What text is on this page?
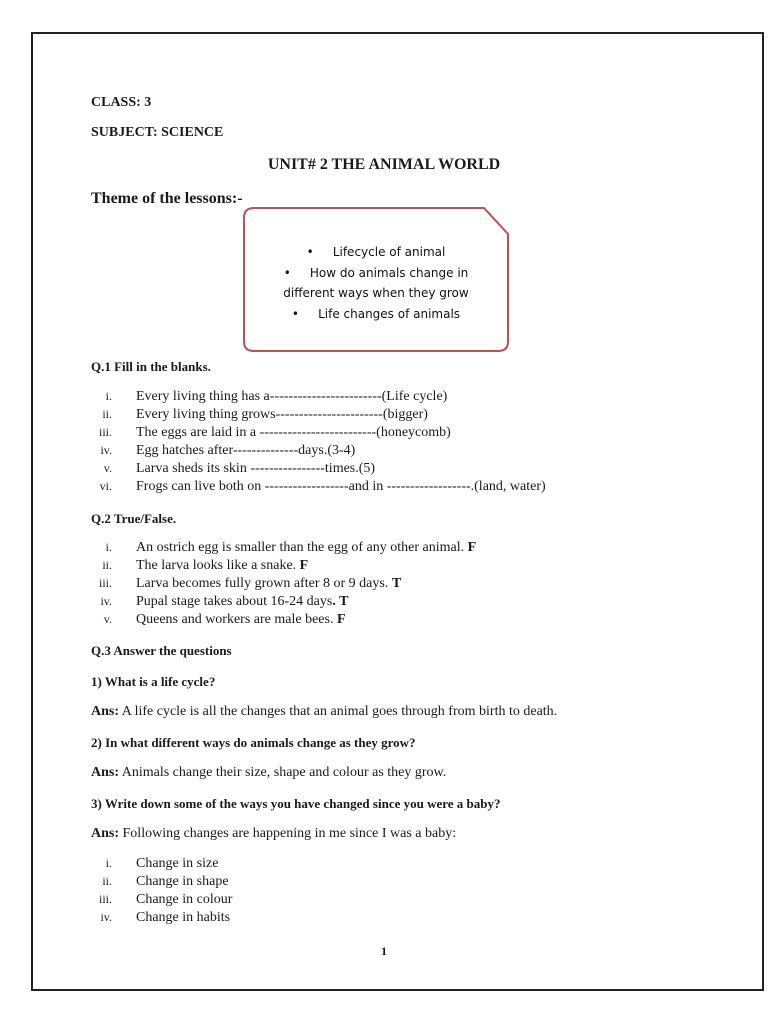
CLASS: 3
SUBJECT: SCIENCE
UNIT# 2 THE ANIMAL WORLD
Theme of the lessons:-
•     Lifecycle of animal
•     How do animals change in
different ways when they grow
•     Life changes of animals
Q.1 Fill in the blanks.
i. Every living thing has a------------------------(Life cycle)
ii. Every living thing grows-----------------------(bigger)
iii. The eggs are laid in a -------------------------(honeycomb)
iv. Egg hatches after--------------days.(3-4)
v. Larva sheds its skin ----------------times.(5)
vi. Frogs can live both on ------------------and in ------------------.(land, water)
Q.2 True/False.
i. An ostrich egg is smaller than the egg of any other animal. F
ii. The larva looks like a snake. F
iii. Larva becomes fully grown after 8 or 9 days. T
iv. Pupal stage takes about 16-24 days. T
v. Queens and workers are male bees. F
Q.3 Answer the questions
1) What is a life cycle?
Ans: A life cycle is all the changes that an animal goes through from birth to death.
2) In what different ways do animals change as they grow?
Ans: Animals change their size, shape and colour as they grow.
3) Write down some of the ways you have changed since you were a baby?
Ans: Following changes are happening in me since I was a baby:
i. Change in size
ii. Change in shape
iii. Change in colour
iv. Change in habits
1
